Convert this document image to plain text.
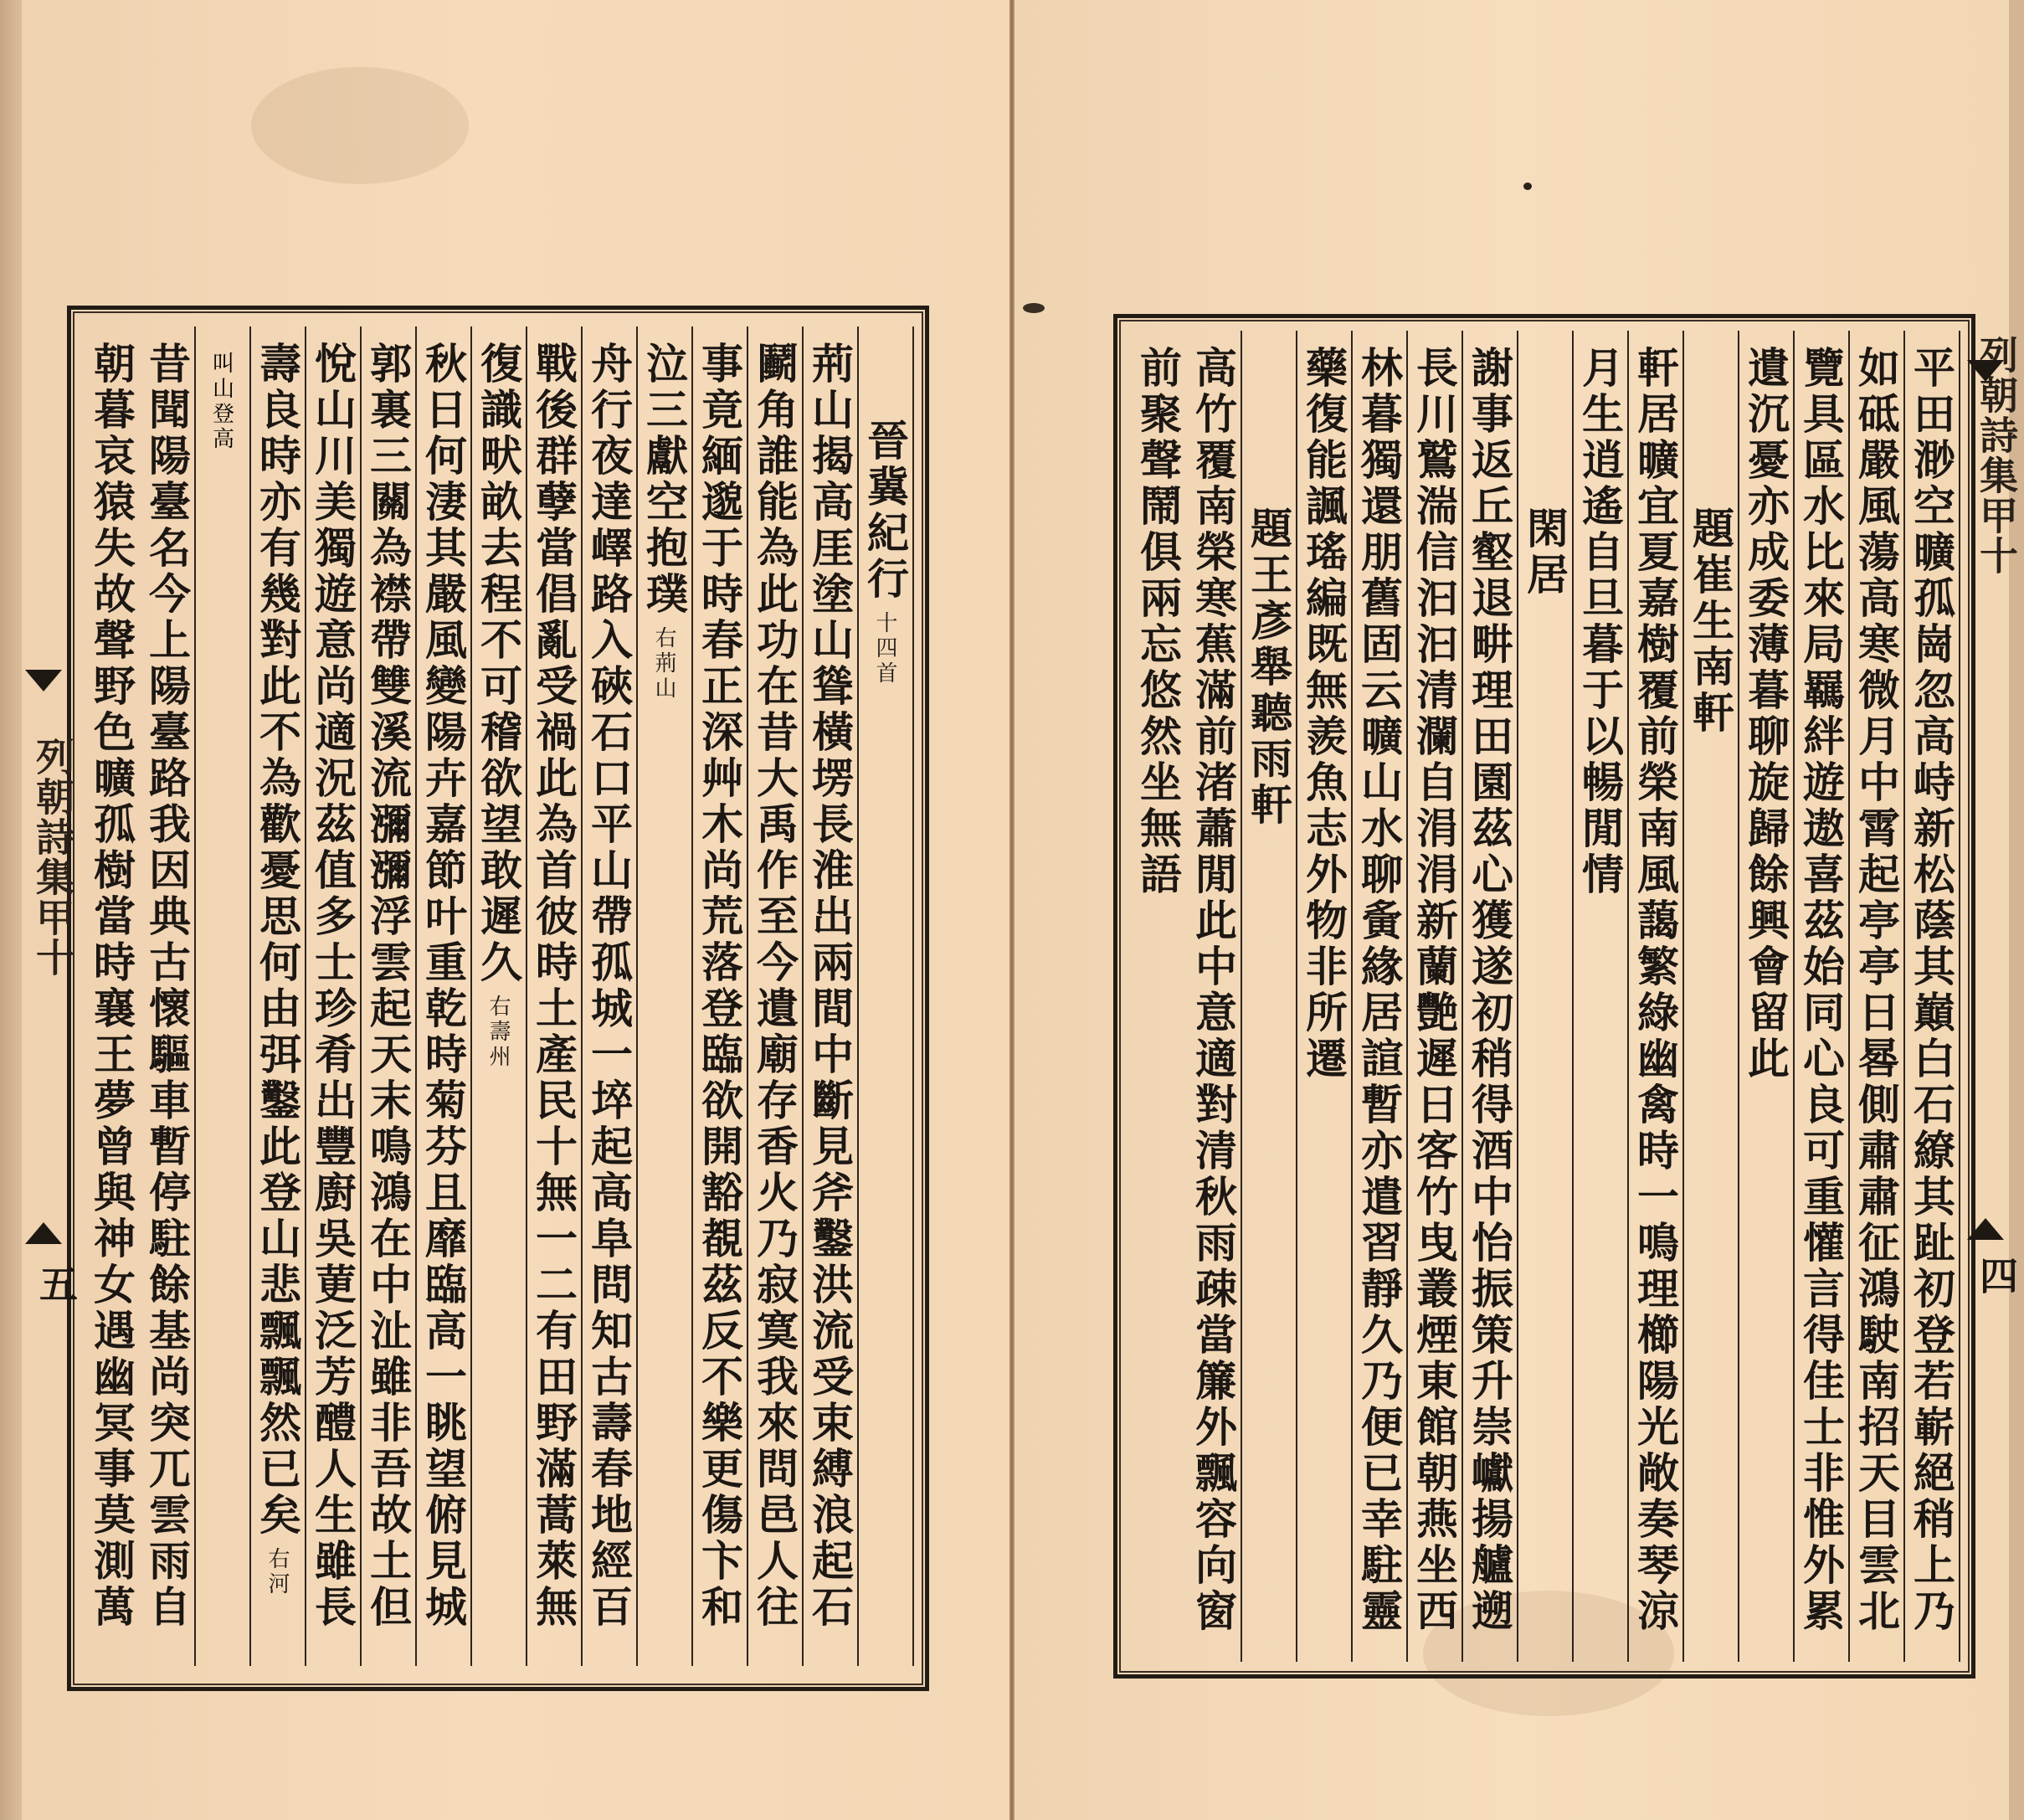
晉冀紀行十四首
荊山揭高厓塗山聳橫塄長淮出兩間中斷見斧鑿洪流受束縛浪起石
鬬角誰能為此功在昔大禹作至今遺廟存香火乃寂寞我來問邑人往
事竟緬邈于時春正深艸木尚荒落登臨欲開豁覩茲反不樂更傷卞和
泣三獻空抱璞右荊山
舟行夜達嶧路入硤石口平山帶孤城一埣起高阜問知古壽春地經百
戰後群孽當倡亂受禍此為首彼時土產民十無一二有田野滿蒿萊無
復識畎畝去程不可稽欲望敢遲久右壽州
秋日何淒其嚴風變陽卉嘉節叶重乾時菊芬且靡臨高一眺望俯見城
郭裏三關為襟帶雙溪流瀰瀰浮雲起天末鳴鴻在中沚雖非吾故土但
悅山川美獨遊意尚適況茲值多士珍肴出豐廚吳莄泛芳醴人生雖長
壽良時亦有幾對此不為歡憂思何由弭鑿此登山悲飄飄然已矣右河
叫山登高
昔聞陽臺名今上陽臺路我因典古懷驅車暫停駐餘基尚突兀雲雨自
朝暮哀猿失故聲野色曠孤樹當時襄王夢曾與神女遇幽冥事莫測萬
列朝詩集甲十
五	平田渺空曠孤崗忽高峙新松蔭其巔白石繚其趾初登若嶄絕稍上乃
如砥嚴風蕩高寒微月中霄起亭亭日晷側肅肅征鴻駛南招天目雲北
覽具區水比來局羈絆遊遨喜茲始同心良可重懽言得佳士非惟外累
遺沉憂亦成委薄暮聊旋歸餘興會留此
題崔生南軒
軒居曠宜夏嘉樹覆前榮南風藹繁綠幽禽時一鳴理櫛陽光敞奏琴涼
月生逍遙自旦暮于以暢閒情
閑居
謝事返丘壑退畊理田園茲心獲遂初稍得酒中怡振策升崇巘揚艫遡
長川鷲湍信汩汩清瀾自涓涓新蘭艷遲日客竹曳叢煙東館朝燕坐西
林暮獨還朋舊固云曠山水聊夤緣居諠暫亦遣習靜久乃便已幸駐靈
藥復能諷瑤編既無羨魚志外物非所遷
題王彥舉聽雨軒
高竹覆南榮寒蕉滿前渚蕭閒此中意適對清秋雨疎當簾外飄容向窗
前聚聲鬧俱兩忘悠然坐無語	列朝詩集甲十
四
